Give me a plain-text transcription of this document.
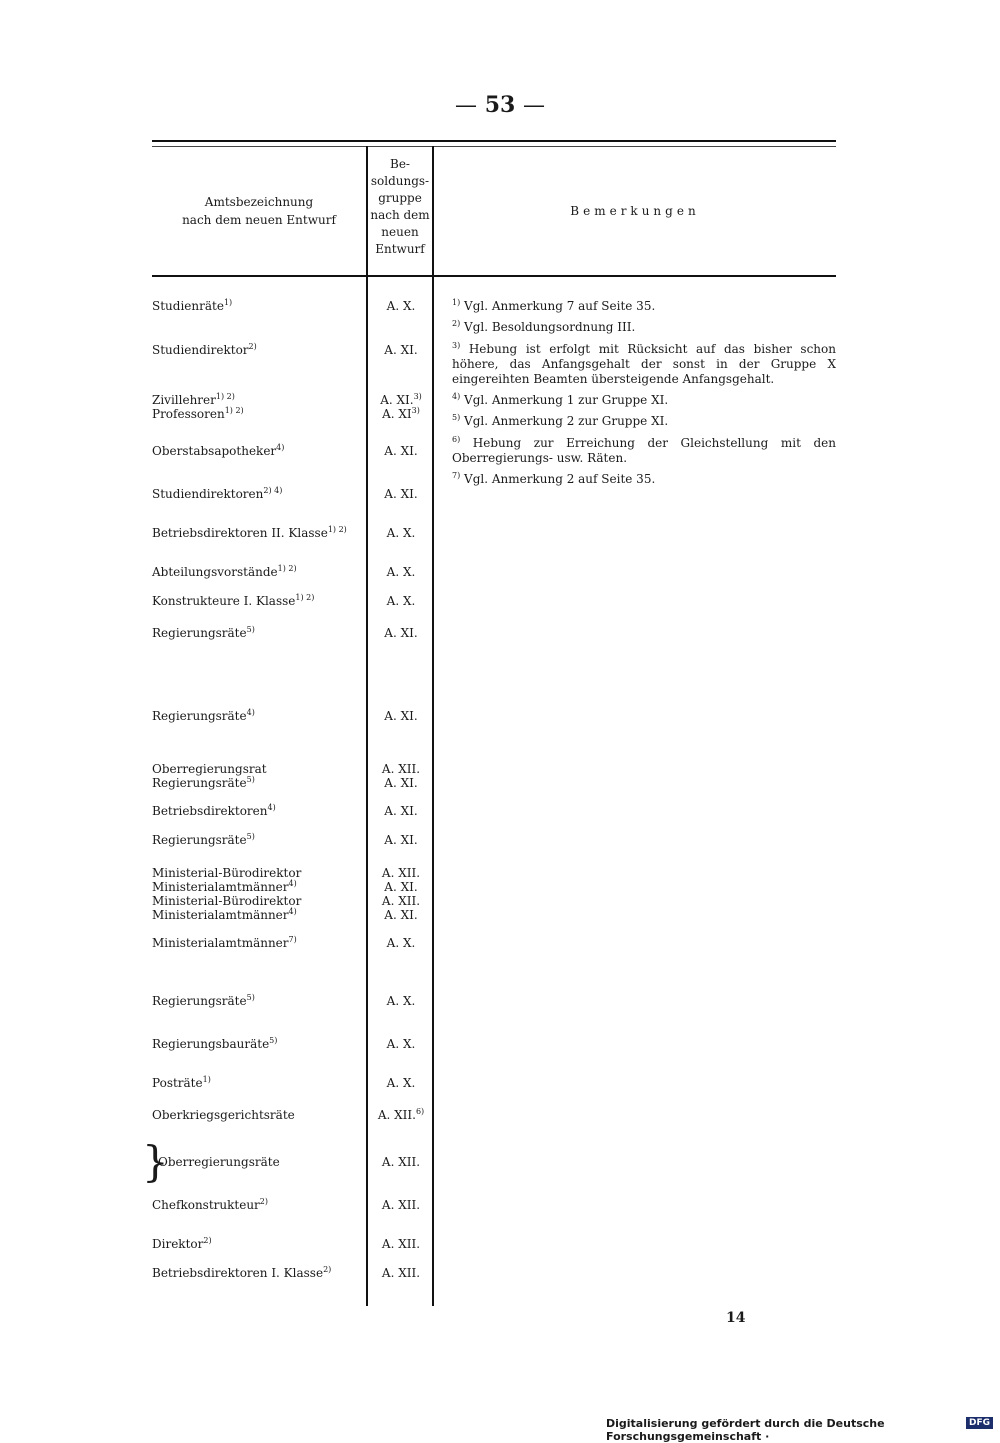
— 53 —
Amtsbezeichnung
nach dem neuen Entwurf
Be-
soldungs-
gruppe
nach dem
neuen
Entwurf
Bemerkungen
Studienräte$^{1)}$	A. X.
Studiendirektor$^{2)}$	A. XI.
Zivillehrer$^{1) 2)}$	A. XI.$^{3)}$
Professoren$^{1) 2)}$	A. XI$^{3)}$
Oberstabsapotheker$^{4)}$	A. XI.
Studiendirektoren$^{2) 4)}$	A. XI.
Betriebsdirektoren II. Klasse$^{1) 2)}$	A. X.
Abteilungsvorstände$^{1) 2)}$	A. X.
Konstrukteure I. Klasse$^{1) 2)}$	A. X.
Regierungsräte$^{5)}$	A. XI.
Regierungsräte$^{4)}$	A. XI.
Oberregierungsrat	A. XII.
Regierungsräte$^{5)}$	A. XI.
Betriebsdirektoren$^{4)}$	A. XI.
Regierungsräte$^{5)}$	A. XI.
Ministerial-Bürodirektor	A. XII.
Ministerialamtmänner$^{4)}$	A. XI.
Ministerial-Bürodirektor	A. XII.
Ministerialamtmänner$^{4)}$	A. XI.
Ministerialamtmänner$^{7)}$	A. X.
Regierungsräte$^{5)}$	A. X.
Regierungsbauräte$^{5)}$	A. X.
Posträte$^{1)}$	A. X.
Oberkriegsgerichtsräte	A. XII.$^{6)}$
Oberregierungsräte	A. XII.
Chefkonstrukteur$^{2)}$	A. XII.
Direktor$^{2)}$	A. XII.
Betriebsdirektoren I. Klasse$^{2)}$	A. XII.
}
$^{1)}$ Vgl. Anmerkung 7 auf Seite 35.
$^{2)}$ Vgl. Besoldungsordnung III.
$^{3)}$ Hebung ist erfolgt mit Rücksicht auf das bisher schon höhere, das Anfangsgehalt der sonst in der Gruppe X eingereihten Beamten übersteigende Anfangsgehalt.
$^{4)}$ Vgl. Anmerkung 1 zur Gruppe XI.
$^{5)}$ Vgl. Anmerkung 2 zur Gruppe XI.
$^{6)}$ Hebung zur Erreichung der Gleichstellung mit den Oberregierungs- usw. Räten.
$^{7)}$ Vgl. Anmerkung 2 auf Seite 35.
14
Digitalisierung gefördert durch die Deutsche Forschungsgemeinschaft ·
DFG
